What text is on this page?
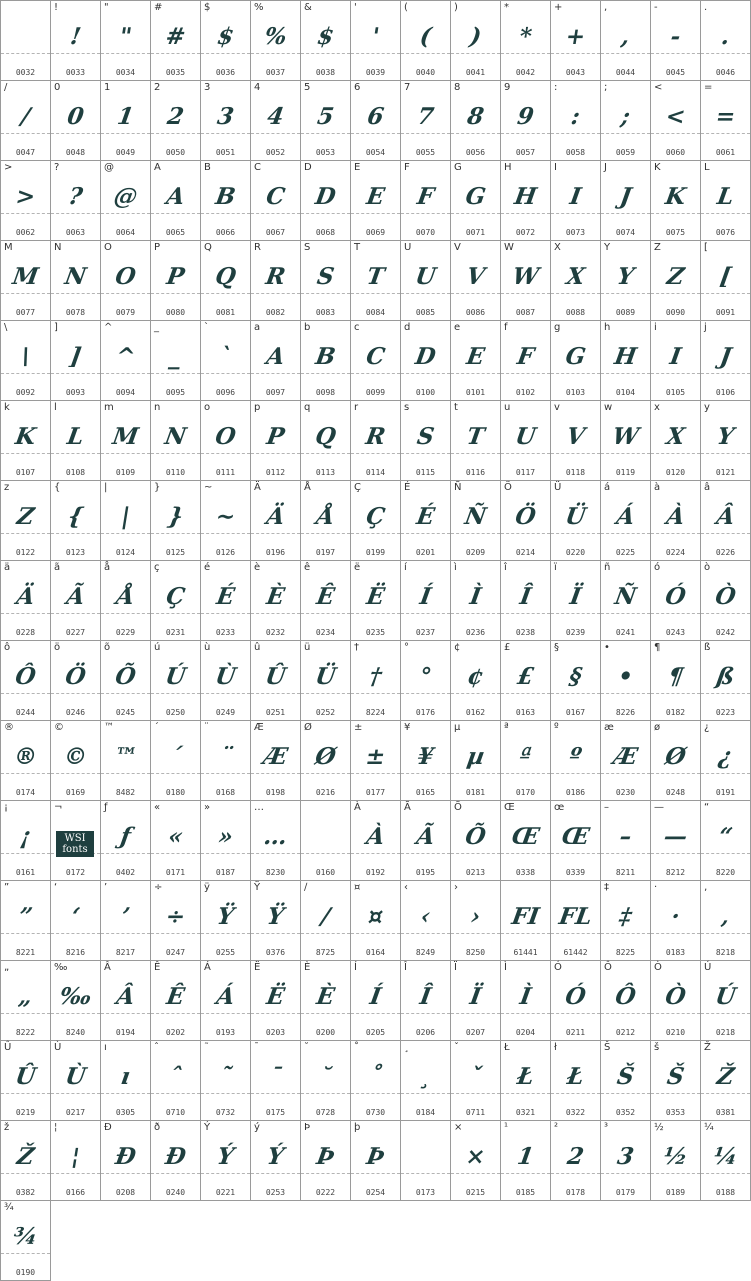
0032
!
!
0033
"
"
0034
#
#
0035
$
$
0036
%
%
0037
&
$
0038
'
'
0039
(
(
0040
)
)
0041
*
*
0042
+
+
0043
,
,
0044
-
-
0045
.
.
0046
/
/
0047
0
0
0048
1
1
0049
2
2
0050
3
3
0051
4
4
0052
5
5
0053
6
6
0054
7
7
0055
8
8
0056
9
9
0057
:
:
0058
;
;
0059
<
<
0060
=
=
0061
>
>
0062
?
?
0063
@
@
0064
A
A
0065
B
B
0066
C
C
0067
D
D
0068
E
E
0069
F
F
0070
G
G
0071
H
H
0072
I
I
0073
J
J
0074
K
K
0075
L
L
0076
M
M
0077
N
N
0078
O
O
0079
P
P
0080
Q
Q
0081
R
R
0082
S
S
0083
T
T
0084
U
U
0085
V
V
0086
W
W
0087
X
X
0088
Y
Y
0089
Z
Z
0090
[
[
0091
\
\
0092
]
]
0093
^
^
0094
_
_
0095
`
`
0096
a
A
0097
b
B
0098
c
C
0099
d
D
0100
e
E
0101
f
F
0102
g
G
0103
h
H
0104
i
I
0105
j
J
0106
k
K
0107
l
L
0108
m
M
0109
n
N
0110
o
O
0111
p
P
0112
q
Q
0113
r
R
0114
s
S
0115
t
T
0116
u
U
0117
v
V
0118
w
W
0119
x
X
0120
y
Y
0121
z
Z
0122
{
{
0123
|
|
0124
}
}
0125
~
~
0126
Ä
Ä
0196
Å
Å
0197
Ç
Ç
0199
É
É
0201
Ñ
Ñ
0209
Ö
Ö
0214
Ü
Ü
0220
á
Á
0225
à
À
0224
â
Â
0226
ä
Ä
0228
ã
Ã
0227
å
Å
0229
ç
Ç
0231
é
É
0233
è
È
0232
ê
Ê
0234
ë
Ë
0235
í
Í
0237
ì
Ì
0236
î
Î
0238
ï
Ï
0239
ñ
Ñ
0241
ó
Ó
0243
ò
Ò
0242
ô
Ô
0244
ö
Ö
0246
õ
Õ
0245
ú
Ú
0250
ù
Ù
0249
û
Û
0251
ü
Ü
0252
†
†
8224
°
°
0176
¢
¢
0162
£
£
0163
§
§
0167
•
•
8226
¶
¶
0182
ß
ß
0223
®
®
0174
©
©
0169
™
™
8482
´
´
0180
¨
¨
0168
Æ
Æ
0198
Ø
Ø
0216
±
±
0177
¥
¥
0165
µ
µ
0181
ª
ª
0170
º
º
0186
æ
Æ
0230
ø
Ø
0248
¿
¿
0191
¡
¡
0161
¬
WSI fonts
0172
ƒ
ƒ
0402
«
«
0171
»
»
0187
…
…
8230	0160
À
À
0192
Ã
Ã
0195
Õ
Õ
0213
Œ
Œ
0338
œ
Œ
0339
–
–
8211
—
—
8212
“
“
8220
”
”
8221
‘
‘
8216
’
’
8217
÷
÷
0247
ÿ
Ÿ
0255
Ÿ
Ÿ
0376
∕
/
8725
¤
¤
0164
‹
‹
8249
›
›
8250
FI
61441
FL
61442
‡
‡
8225
·
·
0183
‚
‚
8218
„
„
8222
‰
‰
8240
Â
Â
0194
Ê
Ê
0202
Á
Á
0193
Ë
Ë
0203
È
È
0200
Í
Í
0205
Î
Î
0206
Ï
Ï
0207
Ì
Ì
0204
Ó
Ó
0211
Ô
Ô
0212
Ò
Ò
0210
Ú
Ú
0218
Û
Û
0219
Ù
Ù
0217
ı
ı
0305
ˆ
ˆ
0710
˜
˜
0732
¯
¯
0175
˘
˘
0728
˚
˚
0730
¸
¸
0184
ˇ
ˇ
0711
Ł
Ł
0321
ł
Ł
0322
Š
Š
0352
š
Š
0353
Ž
Ž
0381
ž
Ž
0382
¦
¦
0166
Ð
Ð
0208
ð
Ð
0240
Ý
Ý
0221
ý
Ý
0253
Þ
Þ
0222
þ
Þ
0254	0173
×
×
0215
¹
1
0185
²
2
0178
³
3
0179
½
½
0189
¼
¼
0188
¾
¾
0190
